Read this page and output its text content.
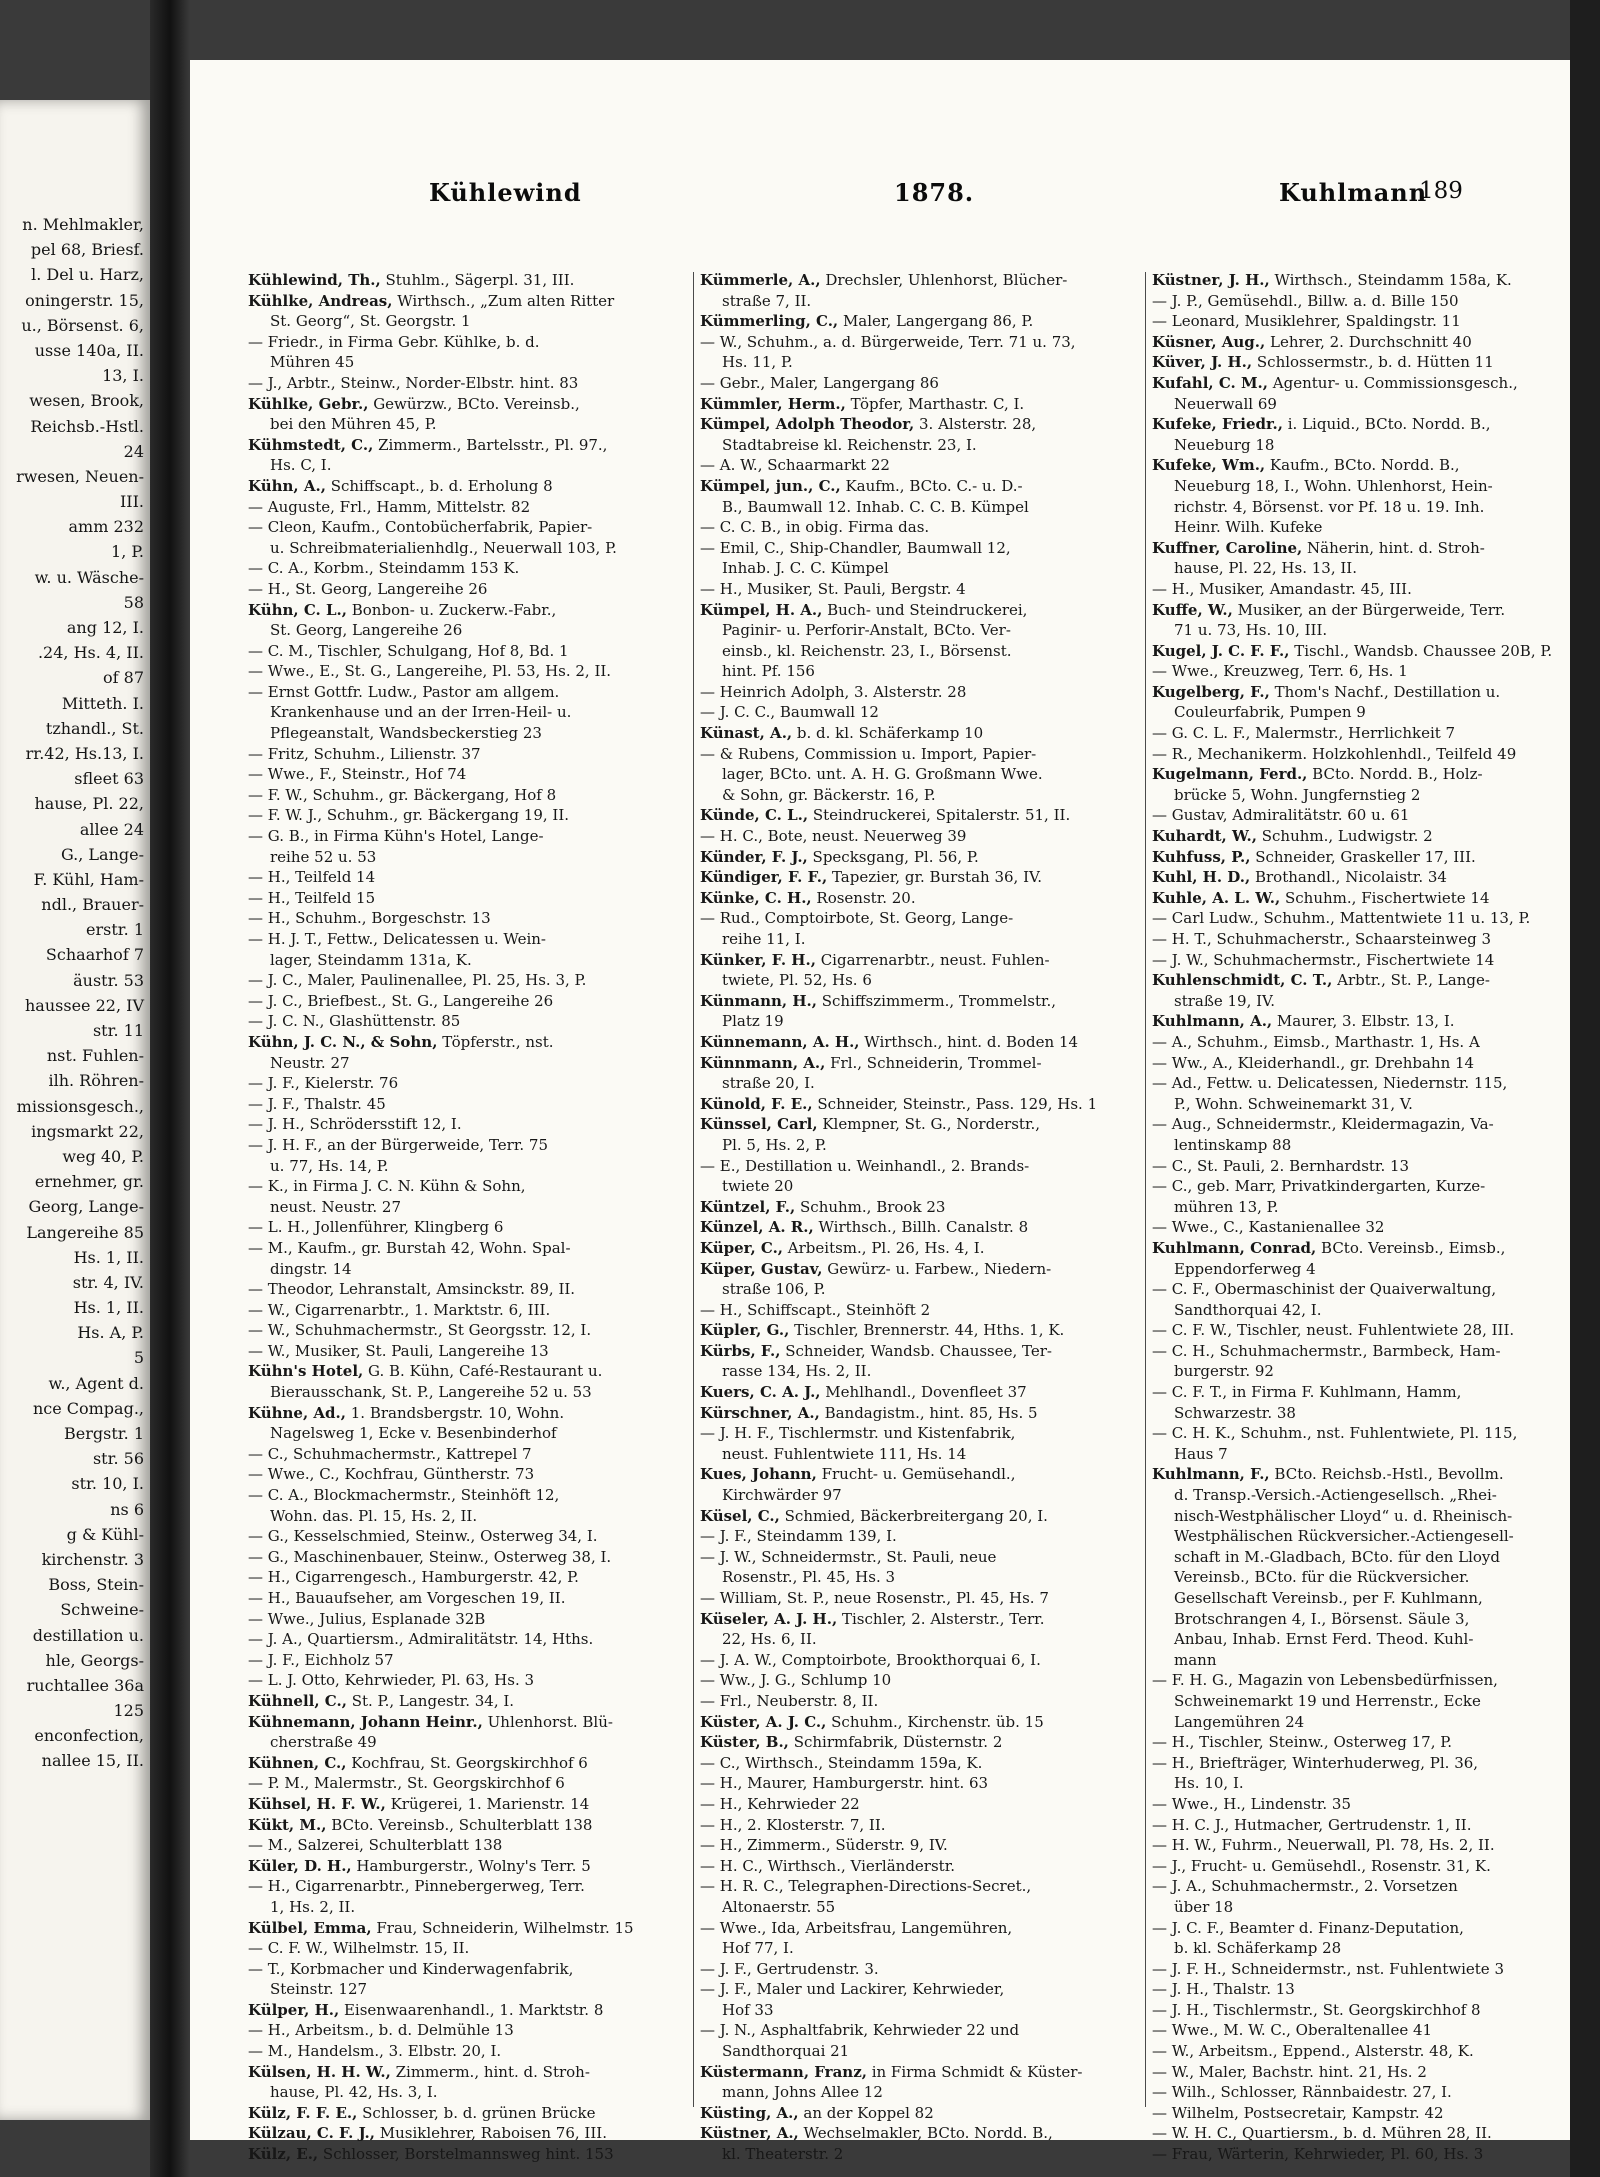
n. Mehlmakler,
pel 68, Briesf.
l. Del u. Harz,
oningerstr. 15,
u., Börsenst. 6,
usse 140a, II.
13, I.
wesen, Brook,
Reichsb.-Hstl.
24
rwesen, Neuen-
III.
amm 232
1, P.
w. u. Wäsche-
58
ang 12, I.
.24, Hs. 4, II.
of 87
Mitteth. I.
tzhandl., St.
rr.42, Hs.13, I.
sfleet 63
hause, Pl. 22,
allee 24
G., Lange-
F. Kühl, Ham-
ndl., Brauer-
erstr. 1
Schaarhof 7
äustr. 53
haussee 22, IV
str. 11
nst. Fuhlen-
ilh. Röhren-
missionsgesch.,
ingsmarkt 22,
weg 40, P.
ernehmer, gr.
Georg, Lange-
Langereihe 85
Hs. 1, II.
str. 4, IV.
Hs. 1, II.
Hs. A, P.
5
w., Agent d.
nce Compag.,
Bergstr. 1
str. 56
str. 10, I.
ns 6
g & Kühl-
kirchenstr. 3
Boss, Stein-
Schweine-
destillation u.
hle, Georgs-
ruchtallee 36a
125
enconfection,
nallee 15, II.
Kühlewind	1878.	Kuhlmann
189
Kühlewind, Th., Stuhlm., Sägerpl. 31, III.
Kühlke, Andreas, Wirthsch., „Zum alten Ritter
St. Georg“, St. Georgstr. 1
— Friedr., in Firma Gebr. Kühlke, b. d.
Mühren 45
— J., Arbtr., Steinw., Norder-Elbstr. hint. 83
Kühlke, Gebr., Gewürzw., BCto. Vereinsb.,
bei den Mühren 45, P.
Kühmstedt, C., Zimmerm., Bartelsstr., Pl. 97.,
Hs. C, I.
Kühn, A., Schiffscapt., b. d. Erholung 8
— Auguste, Frl., Hamm, Mittelstr. 82
— Cleon, Kaufm., Contobücherfabrik, Papier-
u. Schreibmaterialienhdlg., Neuerwall 103, P.
— C. A., Korbm., Steindamm 153 K.
— H., St. Georg, Langereihe 26
Kühn, C. L., Bonbon- u. Zuckerw.-Fabr.,
St. Georg, Langereihe 26
— C. M., Tischler, Schulgang, Hof 8, Bd. 1
— Wwe., E., St. G., Langereihe, Pl. 53, Hs. 2, II.
— Ernst Gottfr. Ludw., Pastor am allgem.
Krankenhause und an der Irren-Heil- u.
Pflegeanstalt, Wandsbeckerstieg 23
— Fritz, Schuhm., Lilienstr. 37
— Wwe., F., Steinstr., Hof 74
— F. W., Schuhm., gr. Bäckergang, Hof 8
— F. W. J., Schuhm., gr. Bäckergang 19, II.
— G. B., in Firma Kühn's Hotel, Lange-
reihe 52 u. 53
— H., Teilfeld 14
— H., Teilfeld 15
— H., Schuhm., Borgeschstr. 13
— H. J. T., Fettw., Delicatessen u. Wein-
lager, Steindamm 131a, K.
— J. C., Maler, Paulinenallee, Pl. 25, Hs. 3, P.
— J. C., Briefbest., St. G., Langereihe 26
— J. C. N., Glashüttenstr. 85
Kühn, J. C. N., & Sohn, Töpferstr., nst.
Neustr. 27
— J. F., Kielerstr. 76
— J. F., Thalstr. 45
— J. H., Schrödersstift 12, I.
— J. H. F., an der Bürgerweide, Terr. 75
u. 77, Hs. 14, P.
— K., in Firma J. C. N. Kühn & Sohn,
neust. Neustr. 27
— L. H., Jollenführer, Klingberg 6
— M., Kaufm., gr. Burstah 42, Wohn. Spal-
dingstr. 14
— Theodor, Lehranstalt, Amsinckstr. 89, II.
— W., Cigarrenarbtr., 1. Marktstr. 6, III.
— W., Schuhmachermstr., St Georgsstr. 12, I.
— W., Musiker, St. Pauli, Langereihe 13
Kühn's Hotel, G. B. Kühn, Café-Restaurant u.
Bierausschank, St. P., Langereihe 52 u. 53
Kühne, Ad., 1. Brandsbergstr. 10, Wohn.
Nagelsweg 1, Ecke v. Besenbinderhof
— C., Schuhmachermstr., Kattrepel 7
— Wwe., C., Kochfrau, Güntherstr. 73
— C. A., Blockmachermstr., Steinhöft 12,
Wohn. das. Pl. 15, Hs. 2, II.
— G., Kesselschmied, Steinw., Osterweg 34, I.
— G., Maschinenbauer, Steinw., Osterweg 38, I.
— H., Cigarrengesch., Hamburgerstr. 42, P.
— H., Bauaufseher, am Vorgeschen 19, II.
— Wwe., Julius, Esplanade 32B
— J. A., Quartiersm., Admiralitätstr. 14, Hths.
— J. F., Eichholz 57
— L. J. Otto, Kehrwieder, Pl. 63, Hs. 3
Kühnell, C., St. P., Langestr. 34, I.
Kühnemann, Johann Heinr., Uhlenhorst. Blü-
cherstraße 49
Kühnen, C., Kochfrau, St. Georgskirchhof 6
— P. M., Malermstr., St. Georgskirchhof 6
Kühsel, H. F. W., Krügerei, 1. Marienstr. 14
Kükt, M., BCto. Vereinsb., Schulterblatt 138
— M., Salzerei, Schulterblatt 138
Küler, D. H., Hamburgerstr., Wolny's Terr. 5
— H., Cigarrenarbtr., Pinnebergerweg, Terr.
1, Hs. 2, II.
Külbel, Emma, Frau, Schneiderin, Wilhelmstr. 15
— C. F. W., Wilhelmstr. 15, II.
— T., Korbmacher und Kinderwagenfabrik,
Steinstr. 127
Külper, H., Eisenwaarenhandl., 1. Marktstr. 8
— H., Arbeitsm., b. d. Delmühle 13
— M., Handelsm., 3. Elbstr. 20, I.
Külsen, H. H. W., Zimmerm., hint. d. Stroh-
hause, Pl. 42, Hs. 3, I.
Külz, F. F. E., Schlosser, b. d. grünen Brücke
Külzau, C. F. J., Musiklehrer, Raboisen 76, III.
Külz, E., Schlosser, Borstelmannsweg hint. 153
Kümmerle, A., Drechsler, Uhlenhorst, Blücher-
straße 7, II.
Kümmerling, C., Maler, Langergang 86, P.
— W., Schuhm., a. d. Bürgerweide, Terr. 71 u. 73,
Hs. 11, P.
— Gebr., Maler, Langergang 86
Kümmler, Herm., Töpfer, Marthastr. C, I.
Kümpel, Adolph Theodor, 3. Alsterstr. 28,
Stadtabreise kl. Reichenstr. 23, I.
— A. W., Schaarmarkt 22
Kümpel, jun., C., Kaufm., BCto. C.- u. D.-
B., Baumwall 12. Inhab. C. C. B. Kümpel
— C. C. B., in obig. Firma das.
— Emil, C., Ship-Chandler, Baumwall 12,
Inhab. J. C. C. Kümpel
— H., Musiker, St. Pauli, Bergstr. 4
Kümpel, H. A., Buch- und Steindruckerei,
Paginir- u. Perforir-Anstalt, BCto. Ver-
einsb., kl. Reichenstr. 23, I., Börsenst.
hint. Pf. 156
— Heinrich Adolph, 3. Alsterstr. 28
— J. C. C., Baumwall 12
Künast, A., b. d. kl. Schäferkamp 10
— & Rubens, Commission u. Import, Papier-
lager, BCto. unt. A. H. G. Großmann Wwe.
& Sohn, gr. Bäckerstr. 16, P.
Künde, C. L., Steindruckerei, Spitalerstr. 51, II.
— H. C., Bote, neust. Neuerweg 39
Künder, F. J., Specksgang, Pl. 56, P.
Kündiger, F. F., Tapezier, gr. Burstah 36, IV.
Künke, C. H., Rosenstr. 20.
— Rud., Comptoirbote, St. Georg, Lange-
reihe 11, I.
Künker, F. H., Cigarrenarbtr., neust. Fuhlen-
twiete, Pl. 52, Hs. 6
Künmann, H., Schiffszimmerm., Trommelstr.,
Platz 19
Künnemann, A. H., Wirthsch., hint. d. Boden 14
Künnmann, A., Frl., Schneiderin, Trommel-
straße 20, I.
Künold, F. E., Schneider, Steinstr., Pass. 129, Hs. 1
Künssel, Carl, Klempner, St. G., Norderstr.,
Pl. 5, Hs. 2, P.
— E., Destillation u. Weinhandl., 2. Brands-
twiete 20
Küntzel, F., Schuhm., Brook 23
Künzel, A. R., Wirthsch., Billh. Canalstr. 8
Küper, C., Arbeitsm., Pl. 26, Hs. 4, I.
Küper, Gustav, Gewürz- u. Farbew., Niedern-
straße 106, P.
— H., Schiffscapt., Steinhöft 2
Küpler, G., Tischler, Brennerstr. 44, Hths. 1, K.
Kürbs, F., Schneider, Wandsb. Chaussee, Ter-
rasse 134, Hs. 2, II.
Kuers, C. A. J., Mehlhandl., Dovenfleet 37
Kürschner, A., Bandagistm., hint. 85, Hs. 5
— J. H. F., Tischlermstr. und Kistenfabrik,
neust. Fuhlentwiete 111, Hs. 14
Kues, Johann, Frucht- u. Gemüsehandl.,
Kirchwärder 97
Küsel, C., Schmied, Bäckerbreitergang 20, I.
— J. F., Steindamm 139, I.
— J. W., Schneidermstr., St. Pauli, neue
Rosenstr., Pl. 45, Hs. 3
— William, St. P., neue Rosenstr., Pl. 45, Hs. 7
Küseler, A. J. H., Tischler, 2. Alsterstr., Terr.
22, Hs. 6, II.
— J. A. W., Comptoirbote, Brookthorquai 6, I.
— Ww., J. G., Schlump 10
— Frl., Neuberstr. 8, II.
Küster, A. J. C., Schuhm., Kirchenstr. üb. 15
Küster, B., Schirmfabrik, Düsternstr. 2
— C., Wirthsch., Steindamm 159a, K.
— H., Maurer, Hamburgerstr. hint. 63
— H., Kehrwieder 22
— H., 2. Klosterstr. 7, II.
— H., Zimmerm., Süderstr. 9, IV.
— H. C., Wirthsch., Vierländerstr.
— H. R. C., Telegraphen-Directions-Secret.,
Altonaerstr. 55
— Wwe., Ida, Arbeitsfrau, Langemühren,
Hof 77, I.
— J. F., Gertrudenstr. 3.
— J. F., Maler und Lackirer, Kehrwieder,
Hof 33
— J. N., Asphaltfabrik, Kehrwieder 22 und
Sandthorquai 21
Küstermann, Franz, in Firma Schmidt & Küster-
mann, Johns Allee 12
Küsting, A., an der Koppel 82
Küstner, A., Wechselmakler, BCto. Nordd. B.,
kl. Theaterstr. 2
Küstner, J. H., Wirthsch., Steindamm 158a, K.
— J. P., Gemüsehdl., Billw. a. d. Bille 150
— Leonard, Musiklehrer, Spaldingstr. 11
Küsner, Aug., Lehrer, 2. Durchschnitt 40
Küver, J. H., Schlossermstr., b. d. Hütten 11
Kufahl, C. M., Agentur- u. Commissionsgesch.,
Neuerwall 69
Kufeke, Friedr., i. Liquid., BCto. Nordd. B.,
Neueburg 18
Kufeke, Wm., Kaufm., BCto. Nordd. B.,
Neueburg 18, I., Wohn. Uhlenhorst, Hein-
richstr. 4, Börsenst. vor Pf. 18 u. 19. Inh.
Heinr. Wilh. Kufeke
Kuffner, Caroline, Näherin, hint. d. Stroh-
hause, Pl. 22, Hs. 13, II.
— H., Musiker, Amandastr. 45, III.
Kuffe, W., Musiker, an der Bürgerweide, Terr.
71 u. 73, Hs. 10, III.
Kugel, J. C. F. F., Tischl., Wandsb. Chaussee 20B, P.
— Wwe., Kreuzweg, Terr. 6, Hs. 1
Kugelberg, F., Thom's Nachf., Destillation u.
Couleurfabrik, Pumpen 9
— G. C. L. F., Malermstr., Herrlichkeit 7
— R., Mechanikerm. Holzkohlenhdl., Teilfeld 49
Kugelmann, Ferd., BCto. Nordd. B., Holz-
brücke 5, Wohn. Jungfernstieg 2
— Gustav, Admiralitätstr. 60 u. 61
Kuhardt, W., Schuhm., Ludwigstr. 2
Kuhfuss, P., Schneider, Graskeller 17, III.
Kuhl, H. D., Brothandl., Nicolaistr. 34
Kuhle, A. L. W., Schuhm., Fischertwiete 14
— Carl Ludw., Schuhm., Mattentwiete 11 u. 13, P.
— H. T., Schuhmacherstr., Schaarsteinweg 3
— J. W., Schuhmachermstr., Fischertwiete 14
Kuhlenschmidt, C. T., Arbtr., St. P., Lange-
straße 19, IV.
Kuhlmann, A., Maurer, 3. Elbstr. 13, I.
— A., Schuhm., Eimsb., Marthastr. 1, Hs. A
— Ww., A., Kleiderhandl., gr. Drehbahn 14
— Ad., Fettw. u. Delicatessen, Niedernstr. 115,
P., Wohn. Schweinemarkt 31, V.
— Aug., Schneidermstr., Kleidermagazin, Va-
lentinskamp 88
— C., St. Pauli, 2. Bernhardstr. 13
— C., geb. Marr, Privatkindergarten, Kurze-
mühren 13, P.
— Wwe., C., Kastanienallee 32
Kuhlmann, Conrad, BCto. Vereinsb., Eimsb.,
Eppendorferweg 4
— C. F., Obermaschinist der Quaiverwaltung,
Sandthorquai 42, I.
— C. F. W., Tischler, neust. Fuhlentwiete 28, III.
— C. H., Schuhmachermstr., Barmbeck, Ham-
burgerstr. 92
— C. F. T., in Firma F. Kuhlmann, Hamm,
Schwarzestr. 38
— C. H. K., Schuhm., nst. Fuhlentwiete, Pl. 115,
Haus 7
Kuhlmann, F., BCto. Reichsb.-Hstl., Bevollm.
d. Transp.-Versich.-Actiengesellsch. „Rhei-
nisch-Westphälischer Lloyd“ u. d. Rheinisch-
Westphälischen Rückversicher.-Actiengesell-
schaft in M.-Gladbach, BCto. für den Lloyd
Vereinsb., BCto. für die Rückversicher.
Gesellschaft Vereinsb., per F. Kuhlmann,
Brotschrangen 4, I., Börsenst. Säule 3,
Anbau, Inhab. Ernst Ferd. Theod. Kuhl-
mann
— F. H. G., Magazin von Lebensbedürfnissen,
Schweinemarkt 19 und Herrenstr., Ecke
Langemühren 24
— H., Tischler, Steinw., Osterweg 17, P.
— H., Briefträger, Winterhuderweg, Pl. 36,
Hs. 10, I.
— Wwe., H., Lindenstr. 35
— H. C. J., Hutmacher, Gertrudenstr. 1, II.
— H. W., Fuhrm., Neuerwall, Pl. 78, Hs. 2, II.
— J., Frucht- u. Gemüsehdl., Rosenstr. 31, K.
— J. A., Schuhmachermstr., 2. Vorsetzen
über 18
— J. C. F., Beamter d. Finanz-Deputation,
b. kl. Schäferkamp 28
— J. F. H., Schneidermstr., nst. Fuhlentwiete 3
— J. H., Thalstr. 13
— J. H., Tischlermstr., St. Georgskirchhof 8
— Wwe., M. W. C., Oberaltenallee 41
— W., Arbeitsm., Eppend., Alsterstr. 48, K.
— W., Maler, Bachstr. hint. 21, Hs. 2
— Wilh., Schlosser, Rännbaidestr. 27, I.
— Wilhelm, Postsecretair, Kampstr. 42
— W. H. C., Quartiersm., b. d. Mühren 28, II.
— Frau, Wärterin, Kehrwieder, Pl. 60, Hs. 3
